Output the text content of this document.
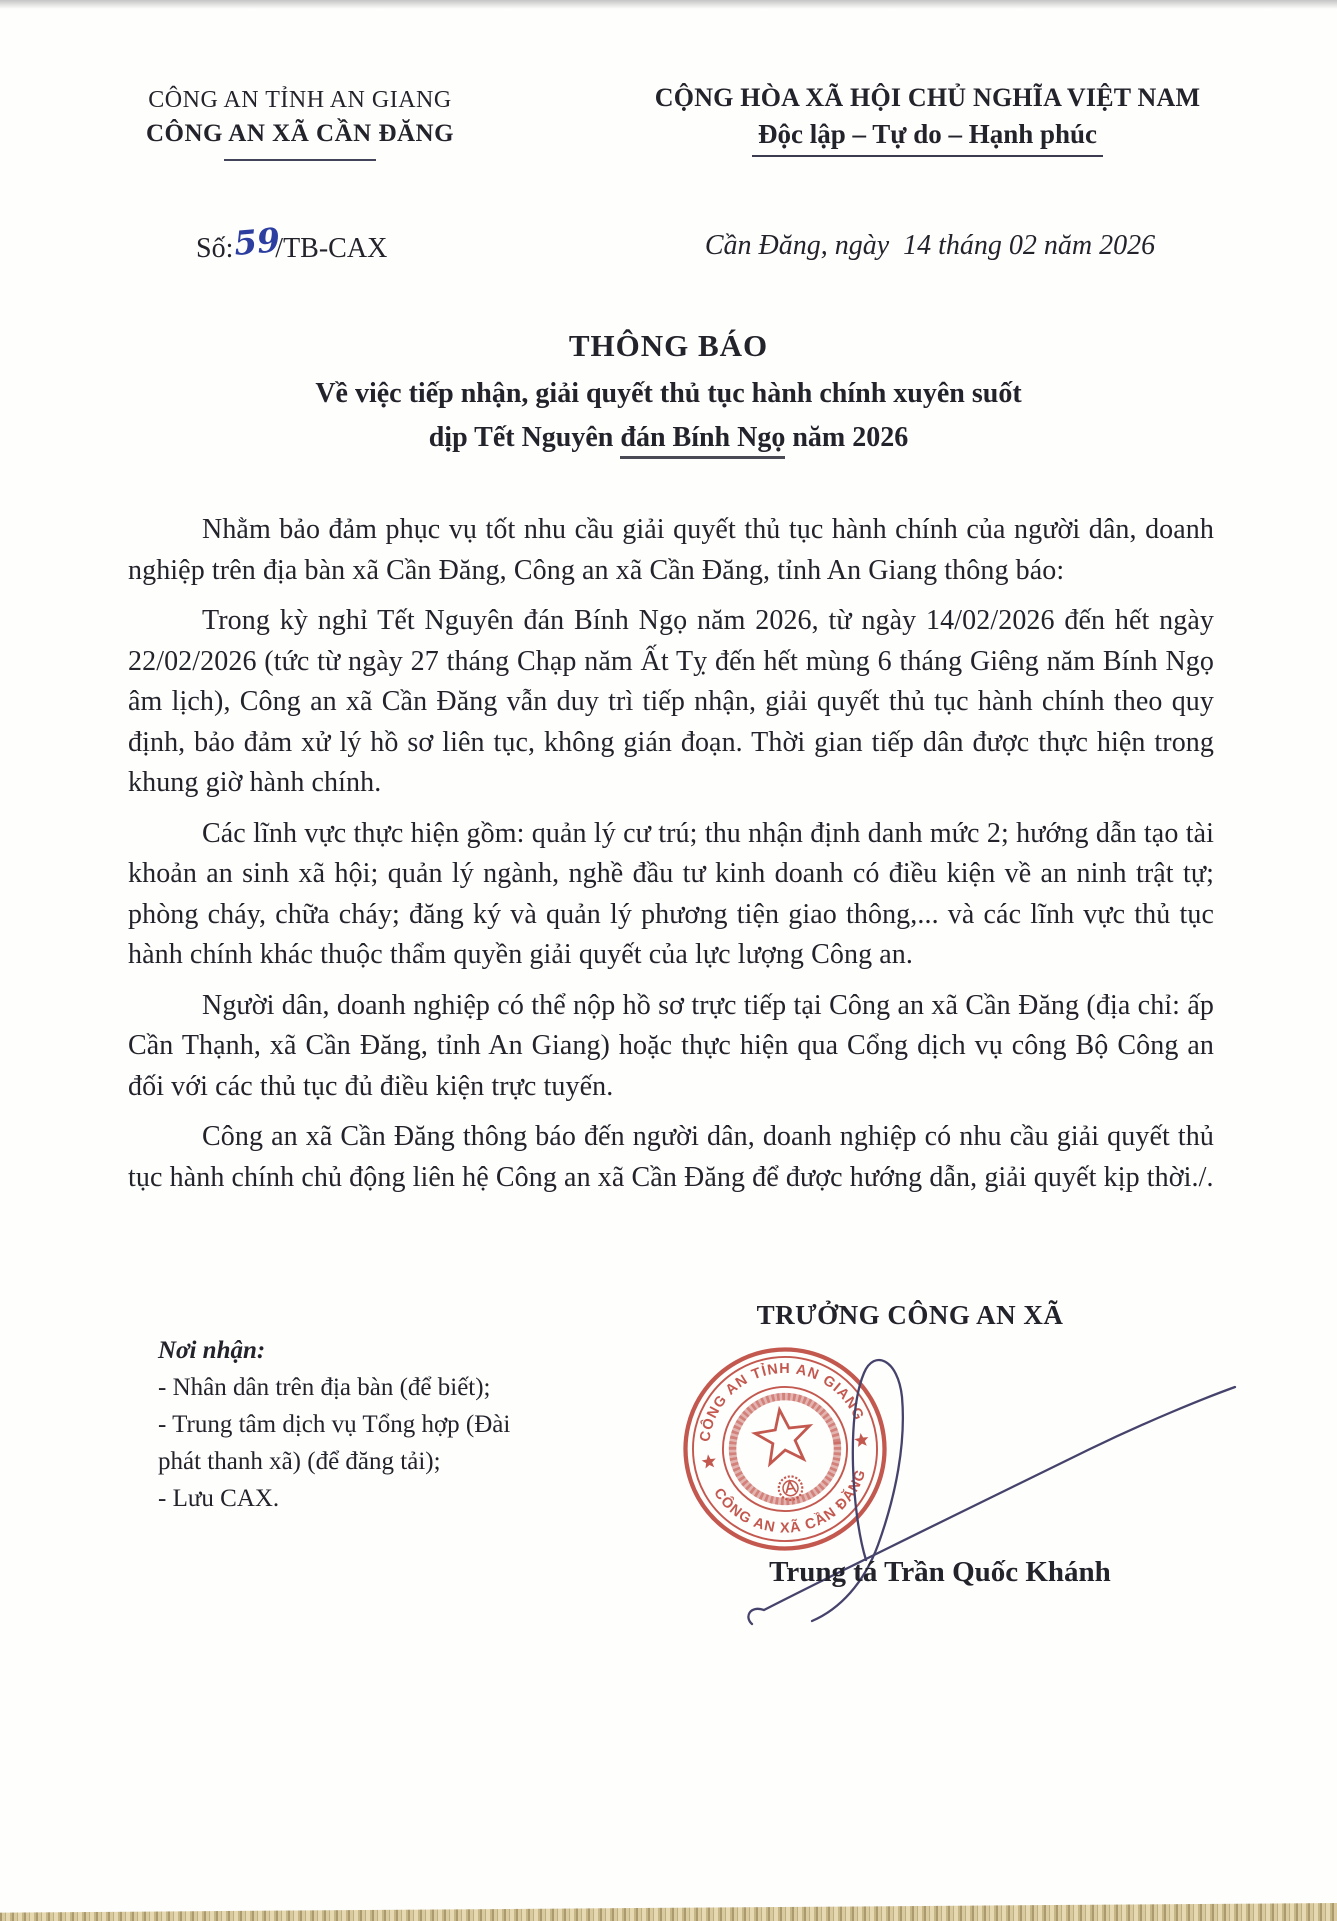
CÔNG AN TỈNH AN GIANG
CÔNG AN XÃ CẦN ĐĂNG
CỘNG HÒA XÃ HỘI CHỦ NGHĨA VIỆT NAM
Độc lập – Tự do – Hạnh phúc
Số:59/TB-CAX	Cần Đăng, ngày  14 tháng 02 năm 2026
THÔNG BÁO
Về việc tiếp nhận, giải quyết thủ tục hành chính xuyên suốt
dịp Tết Nguyên đán Bính Ngọ năm 2026

Nhằm bảo đảm phục vụ tốt nhu cầu giải quyết thủ tục hành chính của người dân, doanh nghiệp trên địa bàn xã Cần Đăng, Công an xã Cần Đăng, tỉnh An Giang thông báo:

Trong kỳ nghỉ Tết Nguyên đán Bính Ngọ năm 2026, từ ngày 14/02/2026 đến hết ngày 22/02/2026 (tức từ ngày 27 tháng Chạp năm Ất Tỵ đến hết mùng 6 tháng Giêng năm Bính Ngọ âm lịch), Công an xã Cần Đăng vẫn duy trì tiếp nhận, giải quyết thủ tục hành chính theo quy định, bảo đảm xử lý hồ sơ liên tục, không gián đoạn. Thời gian tiếp dân được thực hiện trong khung giờ hành chính.

Các lĩnh vực thực hiện gồm: quản lý cư trú; thu nhận định danh mức 2; hướng dẫn tạo tài khoản an sinh xã hội; quản lý ngành, nghề đầu tư kinh doanh có điều kiện về an ninh trật tự; phòng cháy, chữa cháy; đăng ký và quản lý phương tiện giao thông,... và các lĩnh vực thủ tục hành chính khác thuộc thẩm quyền giải quyết của lực lượng Công an.

Người dân, doanh nghiệp có thể nộp hồ sơ trực tiếp tại Công an xã Cần Đăng (địa chỉ: ấp Cần Thạnh, xã Cần Đăng, tỉnh An Giang) hoặc thực hiện qua Cổng dịch vụ công Bộ Công an đối với các thủ tục đủ điều kiện trực tuyến.

Công an xã Cần Đăng thông báo đến người dân, doanh nghiệp có nhu cầu giải quyết thủ tục hành chính chủ động liên hệ Công an xã Cần Đăng để được hướng dẫn, giải quyết kịp thời./.

Nơi nhận:
- Nhân dân trên địa bàn (để biết);
- Trung tâm dịch vụ Tổng hợp (Đài
phát thanh xã) (để đăng tải);
- Lưu CAX.
TRƯỞNG CÔNG AN XÃ
CÔNG AN TỈNH AN GIANG
CÔNG AN XÃ CẦN ĐĂNG
Trung tá Trần Quốc Khánh
